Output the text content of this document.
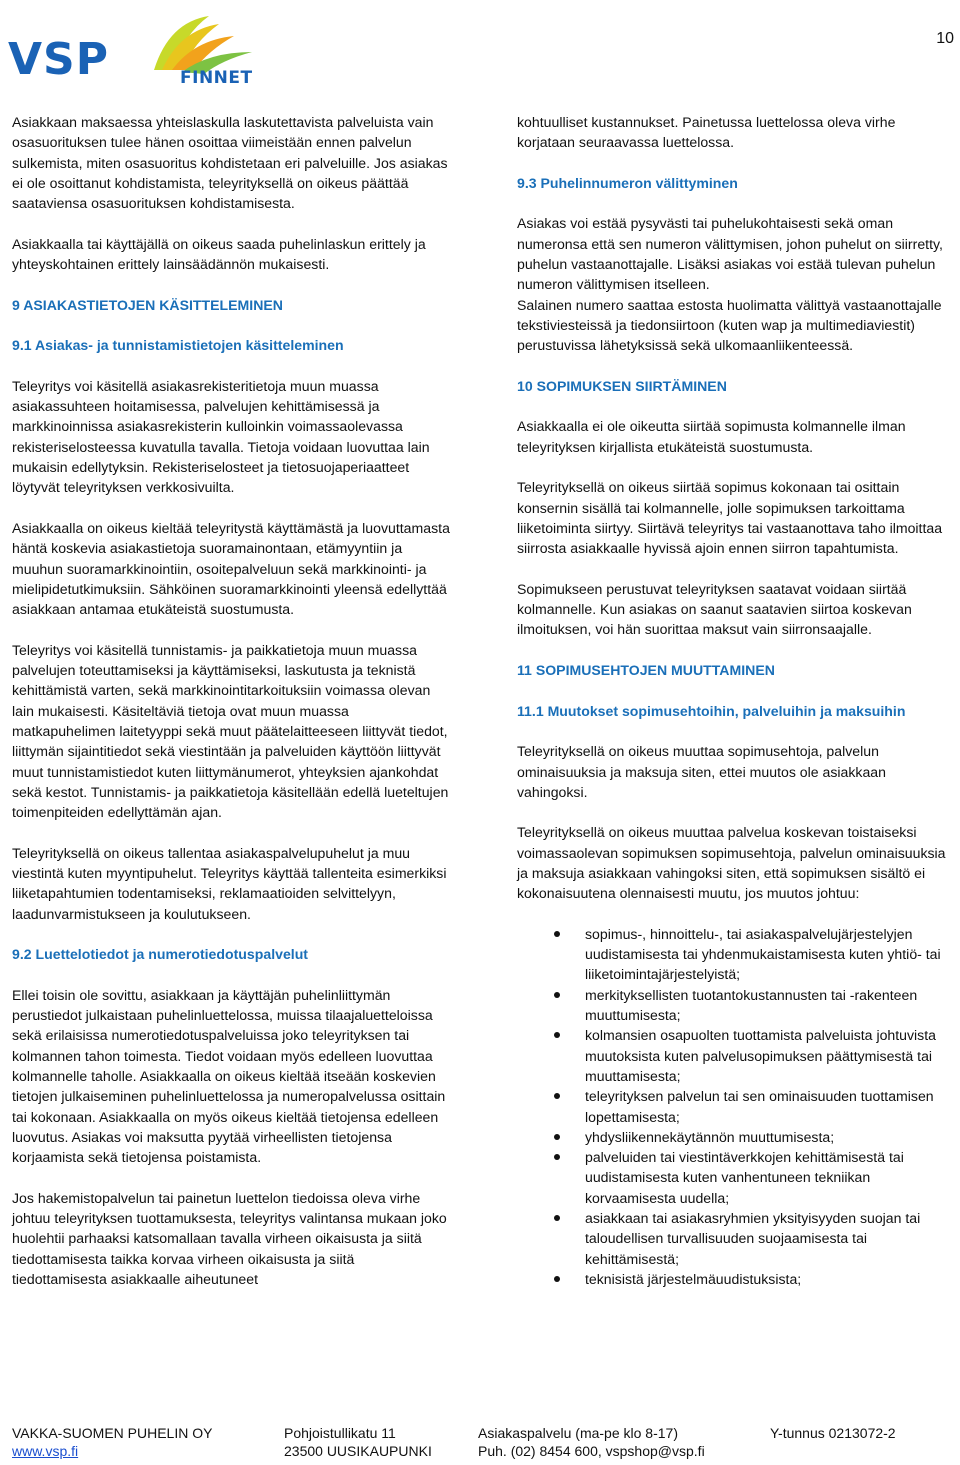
10
VSP	FINNET

Asiakkaan maksaessa yhteislaskulla laskutettavista palveluista vain osasuorituksen tulee hänen osoittaa viimeistään ennen palvelun sulkemista, miten osasuoritus kohdistetaan eri palveluille. Jos asiakas ei ole osoittanut kohdistamista, teleyrityksellä on oikeus päättää saataviensa osasuorituksen kohdistamisesta.

Asiakkaalla tai käyttäjällä on oikeus saada puhelinlaskun erittely ja yhteyskohtainen erittely lainsäädännön mukaisesti.

9 ASIAKASTIETOJEN KÄSITTELEMINEN
9.1 Asiakas- ja tunnistamistietojen käsitteleminen

Teleyritys voi käsitellä asiakasrekisteritietoja muun muassa asiakassuhteen hoitamisessa, palvelujen kehittämisessä ja markkinoinnissa asiakasrekisterin kulloinkin voimassaolevassa rekisteriselosteessa kuvatulla tavalla. Tietoja voidaan luovuttaa lain mukaisin edellytyksin. Rekisteriselosteet ja tietosuojaperiaatteet löytyvät teleyrityksen verkkosivuilta.

Asiakkaalla on oikeus kieltää teleyritystä käyttämästä ja luovuttamasta häntä koskevia asiakastietoja suoramainontaan, etämyyntiin ja muuhun suoramarkkinointiin, osoitepalveluun sekä markkinointi- ja mielipidetutkimuksiin. Sähköinen suoramarkkinointi yleensä edellyttää asiakkaan antamaa etukäteistä suostumusta.

Teleyritys voi käsitellä tunnistamis- ja paikkatietoja muun muassa palvelujen toteuttamiseksi ja käyttämiseksi, laskutusta ja teknistä kehittämistä varten, sekä markkinointitarkoituksiin voimassa olevan lain mukaisesti. Käsiteltäviä tietoja ovat muun muassa matkapuhelimen laitetyyppi sekä muut päätelaitteeseen liittyvät tiedot, liittymän sijaintitiedot sekä viestintään ja palveluiden käyttöön liittyvät muut tunnistamistiedot kuten liittymänumerot, yhteyksien ajankohdat sekä kestot. Tunnistamis- ja paikkatietoja käsitellään edellä lueteltujen toimenpiteiden edellyttämän ajan.

Teleyrityksellä on oikeus tallentaa asiakaspalvelupuhelut ja muu viestintä kuten myyntipuhelut. Teleyritys käyttää tallenteita esimerkiksi liiketapahtumien todentamiseksi, reklamaatioiden selvittelyyn, laadunvarmistukseen ja koulutukseen.

9.2 Luettelotiedot ja numerotiedotuspalvelut

Ellei toisin ole sovittu, asiakkaan ja käyttäjän puhelinliittymän perustiedot julkaistaan puhelinluettelossa, muissa tilaajaluetteloissa sekä erilaisissa numerotiedotuspalveluissa joko teleyrityksen tai kolmannen tahon toimesta. Tiedot voidaan myös edelleen luovuttaa kolmannelle taholle. Asiakkaalla on oikeus kieltää itseään koskevien tietojen julkaiseminen puhelinluettelossa ja numeropalvelussa osittain tai kokonaan. Asiakkaalla on myös oikeus kieltää tietojensa edelleen luovutus. Asiakas voi maksutta pyytää virheellisten tietojensa korjaamista sekä tietojensa poistamista.

Jos hakemistopalvelun tai painetun luettelon tiedoissa oleva virhe johtuu teleyrityksen tuottamuksesta, teleyritys valintansa mukaan joko huolehtii parhaaksi katsomallaan tavalla virheen oikaisusta ja siitä tiedottamisesta taikka korvaa virheen oikaisusta ja siitä tiedottamisesta asiakkaalle aiheutuneet

kohtuulliset kustannukset. Painetussa luettelossa oleva virhe korjataan seuraavassa luettelossa.

9.3 Puhelinnumeron välittyminen

Asiakas voi estää pysyvästi tai puhelukohtaisesti sekä oman numeronsa että sen numeron välittymisen, johon puhelut on siirretty, puhelun vastaanottajalle. Lisäksi asiakas voi estää tulevan puhelun numeron välittymisen itselleen.

Salainen numero saattaa estosta huolimatta välittyä vastaanottajalle tekstiviesteissä ja tiedonsiirtoon (kuten wap ja multimediaviestit) perustuvissa lähetyksissä sekä ulkomaanliikenteessä.

10 SOPIMUKSEN SIIRTÄMINEN

Asiakkaalla ei ole oikeutta siirtää sopimusta kolmannelle ilman teleyrityksen kirjallista etukäteistä suostumusta.

Teleyrityksellä on oikeus siirtää sopimus kokonaan tai osittain konsernin sisällä tai kolmannelle, jolle sopimuksen tarkoittama liiketoiminta siirtyy. Siirtävä teleyritys tai vastaanottava taho ilmoittaa siirrosta asiakkaalle hyvissä ajoin ennen siirron tapahtumista.

Sopimukseen perustuvat teleyrityksen saatavat voidaan siirtää kolmannelle. Kun asiakas on saanut saatavien siirtoa koskevan ilmoituksen, voi hän suorittaa maksut vain siirronsaajalle.

11 SOPIMUSEHTOJEN MUUTTAMINEN
11.1 Muutokset sopimusehtoihin, palveluihin ja maksuihin

Teleyrityksellä on oikeus muuttaa sopimusehtoja, palvelun ominaisuuksia ja maksuja siten, ettei muutos ole asiakkaan vahingoksi.

Teleyrityksellä on oikeus muuttaa palvelua koskevan toistaiseksi voimassaolevan sopimuksen sopimusehtoja, palvelun ominaisuuksia ja maksuja asiakkaan vahingoksi siten, että sopimuksen sisältö ei kokonaisuutena olennaisesti muutu, jos muutos johtuu:

sopimus-, hinnoittelu-, tai asiakaspalvelujärjestelyjen uudistamisesta tai yhdenmukaistamisesta kuten yhtiö- tai liiketoimintajärjestelyistä;
merkityksellisten tuotantokustannusten tai -rakenteen muuttumisesta;
kolmansien osapuolten tuottamista palveluista johtuvista muutoksista kuten palvelusopimuksen päättymisestä tai muuttamisesta;
teleyrityksen palvelun tai sen ominaisuuden tuottamisen lopettamisesta;
yhdysliikennekäytännön muuttumisesta;
palveluiden tai viestintäverkkojen kehittämisestä tai uudistamisesta kuten vanhentuneen tekniikan korvaamisesta uudella;
asiakkaan tai asiakasryhmien yksityisyyden suojan tai taloudellisen turvallisuuden suojaamisesta tai kehittämisestä;
teknisistä järjestelmäuudistuksista;
VAKKA-SUOMEN PUHELIN OY
www.vsp.fi
Pohjoistullikatu 11
23500 UUSIKAUPUNKI
Asiakaspalvelu (ma-pe klo 8-17)
Puh. (02) 8454 600, vspshop@vsp.fi
Y-tunnus 0213072-2
